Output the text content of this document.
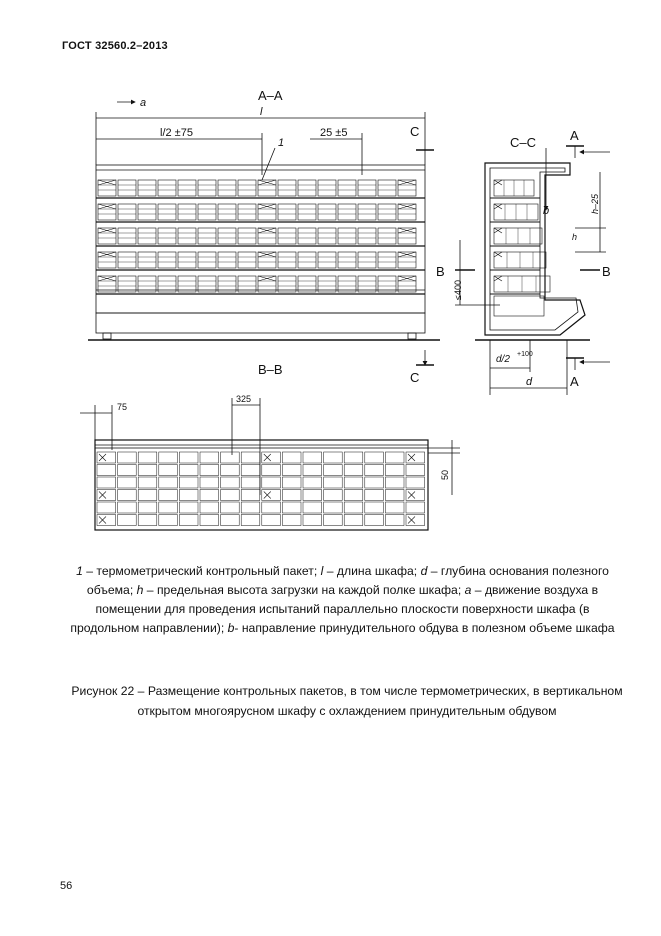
ГОСТ 32560.2–2013
a	А–А
l
l/2 ±75
1
25 ±5	С
С
В–В
С–С	А
А
В	В
b
h
h–25
≤400
d/2 +100
d
75
325
50
1 – термометрический контрольный пакет; l – длина шкафа; d – глубина основания полезного объема; h – предельная высота загрузки на каждой полке шкафа; a – движение воздуха в помещении для проведения испытаний параллельно плоскости поверхности шкафа (в продольном направлении); b- направление принудительного обдува в полезном объеме шкафа
Рисунок 22 – Размещение контрольных пакетов, в том числе термометрических, в вертикальном открытом многоярусном шкафу с охлаждением принудительным обдувом
56
